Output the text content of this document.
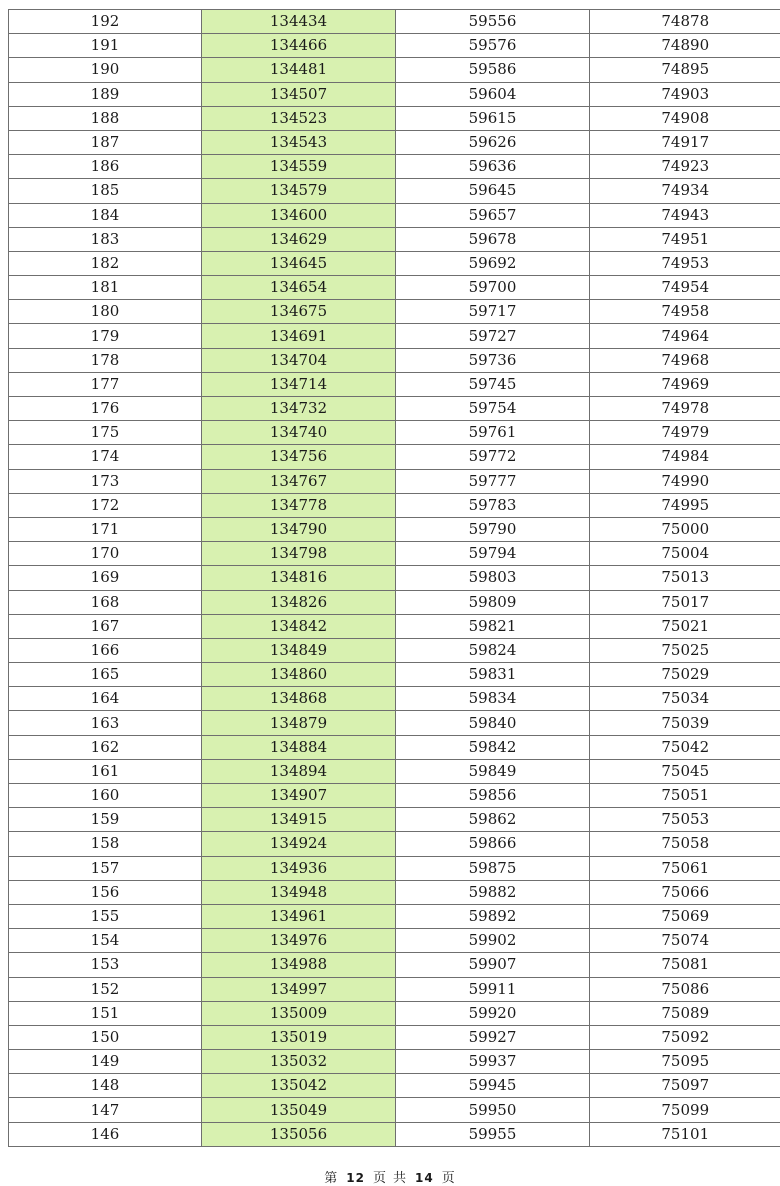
192	134434	59556	74878
191	134466	59576	74890
190	134481	59586	74895
189	134507	59604	74903
188	134523	59615	74908
187	134543	59626	74917
186	134559	59636	74923
185	134579	59645	74934
184	134600	59657	74943
183	134629	59678	74951
182	134645	59692	74953
181	134654	59700	74954
180	134675	59717	74958
179	134691	59727	74964
178	134704	59736	74968
177	134714	59745	74969
176	134732	59754	74978
175	134740	59761	74979
174	134756	59772	74984
173	134767	59777	74990
172	134778	59783	74995
171	134790	59790	75000
170	134798	59794	75004
169	134816	59803	75013
168	134826	59809	75017
167	134842	59821	75021
166	134849	59824	75025
165	134860	59831	75029
164	134868	59834	75034
163	134879	59840	75039
162	134884	59842	75042
161	134894	59849	75045
160	134907	59856	75051
159	134915	59862	75053
158	134924	59866	75058
157	134936	59875	75061
156	134948	59882	75066
155	134961	59892	75069
154	134976	59902	75074
153	134988	59907	75081
152	134997	59911	75086
151	135009	59920	75089
150	135019	59927	75092
149	135032	59937	75095
148	135042	59945	75097
147	135049	59950	75099
146	135056	59955	75101
第 12 页 共 14 页
